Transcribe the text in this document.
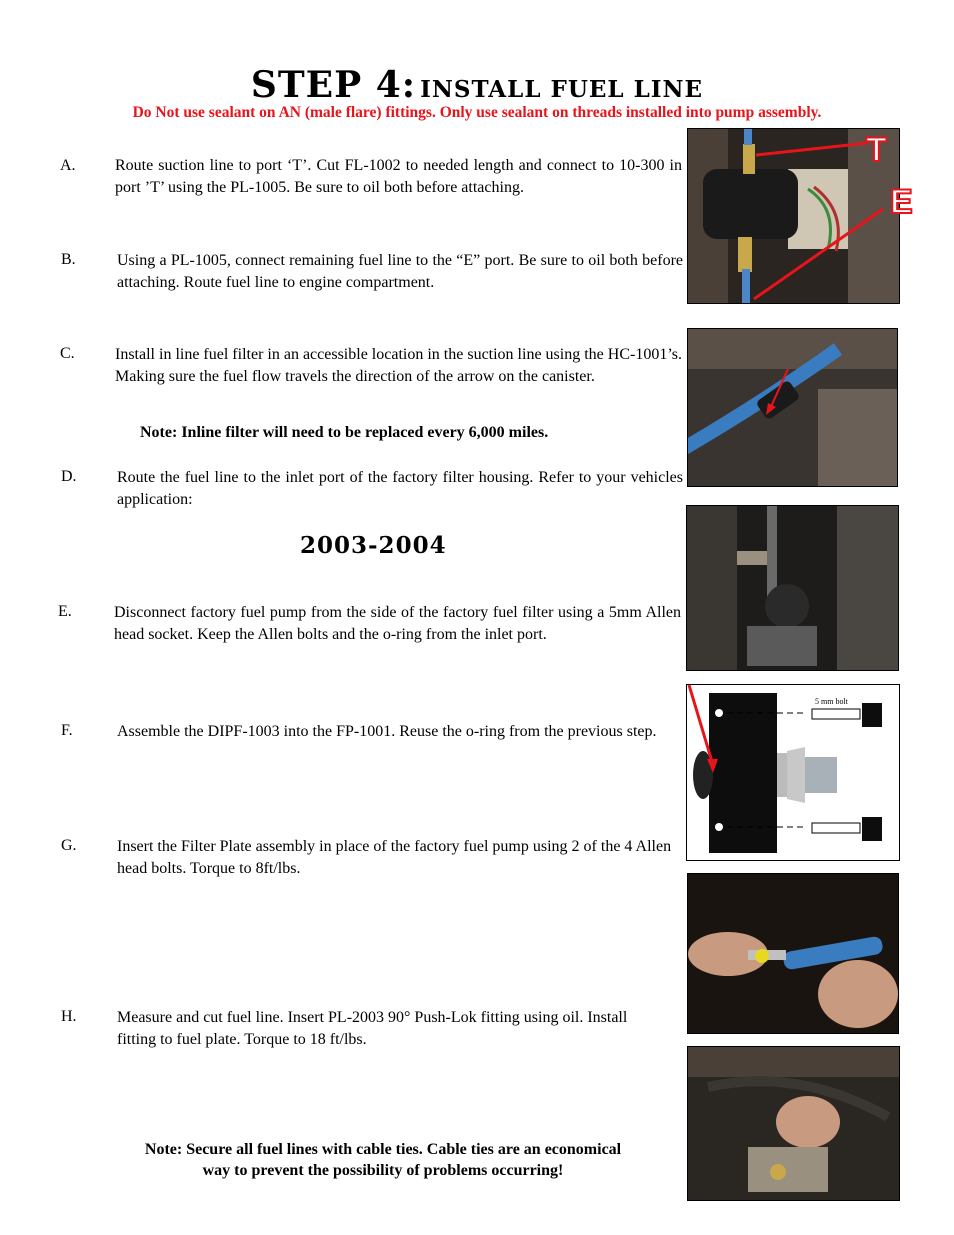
STEP 4: INSTALL FUEL LINE
Do Not use sealant on AN (male flare) fittings. Only use sealant on threads installed into pump assembly.
A. Route suction line to port ‘T’. Cut FL-1002 to needed length and connect to 10-300 in port ’T’ using the PL-1005. Be sure to oil both before attaching.
B.	Using a PL-1005, connect remaining fuel line to the “E” port. Be sure to oil both before attaching. Route fuel line to engine compartment.
C.	Install in line fuel filter in an accessible location in the suction line using the HC-1001’s. Making sure the fuel flow travels the direction of the arrow on the canister.
Note: Inline filter will need to be replaced every 6,000 miles.
D.	Route the fuel line to the inlet port of the factory filter housing. Refer to your vehicles application:
2003-2004
E.	Disconnect factory fuel pump from the side of the factory fuel filter using a 5mm Allen head socket. Keep the Allen bolts and the o-ring from the inlet port.
F.	Assemble the DIPF-1003 into the FP-1001. Reuse the o-ring from the previous step.
G.	Insert the Filter Plate assembly in place of the factory fuel pump using 2 of the 4 Allen head bolts. Torque to 8ft/lbs.
H.	Measure and cut fuel line. Insert PL-2003 90° Push-Lok fitting using oil. Install fitting to fuel plate. Torque to 18 ft/lbs.
Note: Secure all fuel lines with cable ties. Cable ties are an economical
way to prevent the possibility of problems occurring!
T
E
5 mm bolt
